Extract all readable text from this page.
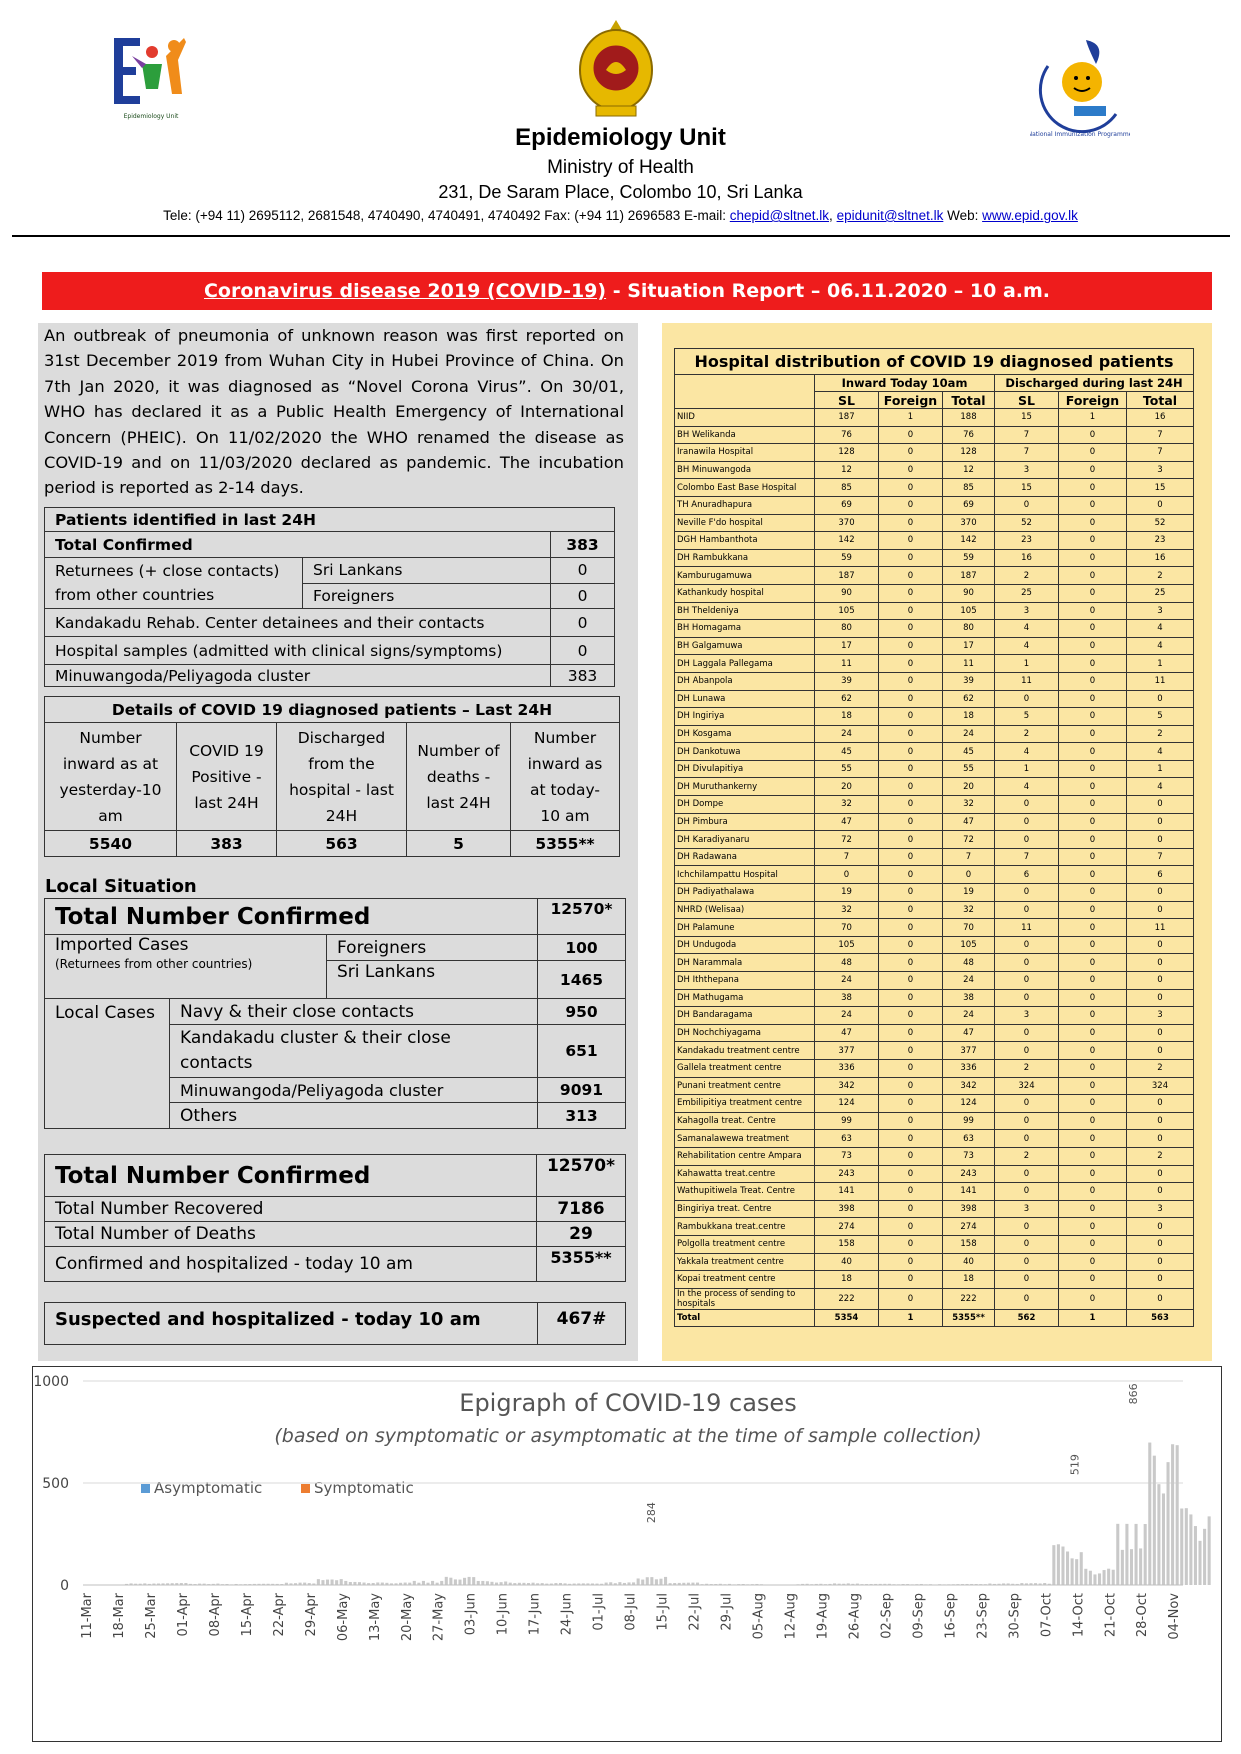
Epidemiology Unit
National Immunization Programme
Epidemiology Unit
Ministry of Health
231, De Saram Place, Colombo 10, Sri Lanka
Tele: (+94 11) 2695112, 2681548, 4740490, 4740491, 4740492 Fax: (+94 11) 2696583 E-mail: chepid@sltnet.lk, epidunit@sltnet.lk Web: www.epid.gov.lk
Coronavirus disease 2019 (COVID-19) - Situation Report – 06.11.2020 – 10 a.m.
An outbreak of pneumonia of unknown reason was first reported on 31st December 2019 from Wuhan City in Hubei Province of China. On 7th Jan 2020, it was diagnosed as “Novel Corona Virus”. On 30/01, WHO has declared it as a Public Health Emergency of International Concern (PHEIC). On 11/02/2020 the WHO renamed the disease as COVID-19 and on 11/03/2020 declared as pandemic. The incubation period is reported as 2-14 days.
Patients identified in last 24H		
Total Confirmed		383
Returnees (+ close contacts) from other countries	Sri Lankans	0
	Foreigners	0
Kandakadu Rehab. Center detainees and their contacts		0
Hospital samples (admitted with clinical signs/symptoms)		0
Minuwangoda/Peliyagoda cluster		383
Details of COVID 19 diagnosed patients – Last 24H				
Number inward as at yesterday-10 am	COVID 19 Positive - last 24H	Discharged from the hospital - last 24H	Number of deaths - last 24H	Number inward as at today-10 am
5540	383	563	5	5355**
Local Situation
Total Number Confirmed			12570*
Imported Cases
(Returnees from other countries)		Foreigners	100
		Sri Lankans	1465
Local Cases	Navy & their close contacts		950
	Kandakadu cluster & their close contacts		651
	Minuwangoda/Peliyagoda cluster		9091
	Others		313
Total Number Confirmed	12570*
Total Number Recovered	7186
Total Number of Deaths	29
Confirmed and hospitalized - today 10 am	5355**
Suspected and hospitalized - today 10 am	467#
Hospital distribution of COVID 19 diagnosed patients						
	Inward Today 10am			Discharged during last 24H		
	SL	Foreign	Total	SL	Foreign	Total
NIID	187	1	188	15	1	16
BH Welikanda	76	0	76	7	0	7
Iranawila Hospital	128	0	128	7	0	7
BH Minuwangoda	12	0	12	3	0	3
Colombo East Base Hospital	85	0	85	15	0	15
TH Anuradhapura	69	0	69	0	0	0
Neville F'do hospital	370	0	370	52	0	52
DGH Hambanthota	142	0	142	23	0	23
DH Rambukkana	59	0	59	16	0	16
Kamburugamuwa	187	0	187	2	0	2
Kathankudy hospital	90	0	90	25	0	25
BH Theldeniya	105	0	105	3	0	3
BH Homagama	80	0	80	4	0	4
BH Galgamuwa	17	0	17	4	0	4
DH Laggala Pallegama	11	0	11	1	0	1
DH Abanpola	39	0	39	11	0	11
DH Lunawa	62	0	62	0	0	0
DH Ingiriya	18	0	18	5	0	5
DH Kosgama	24	0	24	2	0	2
DH Dankotuwa	45	0	45	4	0	4
DH Divulapitiya	55	0	55	1	0	1
DH Muruthankerny	20	0	20	4	0	4
DH Dompe	32	0	32	0	0	0
DH Pimbura	47	0	47	0	0	0
DH Karadiyanaru	72	0	72	0	0	0
DH Radawana	7	0	7	7	0	7
Ichchilampattu Hospital	0	0	0	6	0	6
DH Padiyathalawa	19	0	19	0	0	0
NHRD (Welisaa)	32	0	32	0	0	0
DH Palamune	70	0	70	11	0	11
DH Undugoda	105	0	105	0	0	0
DH Narammala	48	0	48	0	0	0
DH Iththepana	24	0	24	0	0	0
DH Mathugama	38	0	38	0	0	0
DH Bandaragama	24	0	24	3	0	3
DH Nochchiyagama	47	0	47	0	0	0
Kandakadu treatment centre	377	0	377	0	0	0
Gallela treatment centre	336	0	336	2	0	2
Punani treatment centre	342	0	342	324	0	324
Embilipitiya treatment centre	124	0	124	0	0	0
Kahagolla treat. Centre	99	0	99	0	0	0
Samanalawewa treatment	63	0	63	0	0	0
Rehabilitation centre Ampara	73	0	73	2	0	2
Kahawatta treat.centre	243	0	243	0	0	0
Wathupitiwela Treat. Centre	141	0	141	0	0	0
Bingiriya treat. Centre	398	0	398	3	0	3
Rambukkana treat.centre	274	0	274	0	0	0
Polgolla treatment centre	158	0	158	0	0	0
Yakkala treatment centre	40	0	40	0	0	0
Kopai treatment centre	18	0	18	0	0	0
In the process of sending to hospitals	222	0	222	0	0	0
Total	5354	1	5355**	562	1	563
Epigraph of COVID-19 cases
(based on symptomatic or asymptomatic at the time of sample collection)
Asymptomatic	Symptomatic
0
500
1000
866
519
284
11-Mar 18-Mar 25-Mar 01-Apr 08-Apr 15-Apr 22-Apr 29-Apr 06-May 13-May 20-May 27-May 03-Jun 10-Jun 17-Jun 24-Jun 01-Jul 08-Jul 15-Jul 22-Jul 29-Jul 05-Aug 12-Aug 19-Aug 26-Aug 02-Sep 09-Sep 16-Sep 23-Sep 30-Sep 07-Oct 14-Oct 21-Oct 28-Oct 04-Nov
